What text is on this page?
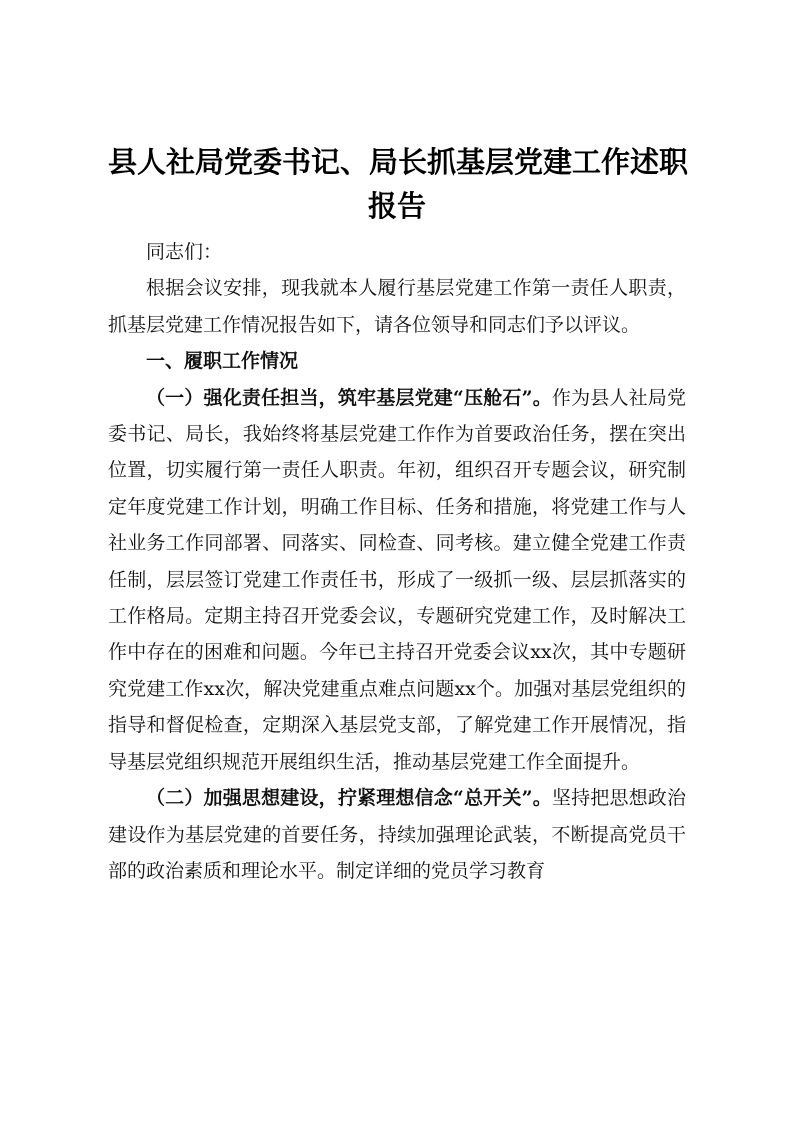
县人社局党委书记、局长抓基层党建工作述职
报告

同志们：

根据会议安排，现我就本人履行基层党建工作第一责任人职责，抓基层党建工作情况报告如下，请各位领导和同志们予以评议。

一、履职工作情况

（一）强化责任担当，筑牢基层党建“压舱石”。作为县人社局党委书记、局长，我始终将基层党建工作作为首要政治任务，摆在突出位置，切实履行第一责任人职责。年初，组织召开专题会议，研究制定年度党建工作计划，明确工作目标、任务和措施，将党建工作与人社业务工作同部署、同落实、同检查、同考核。建立健全党建工作责任制，层层签订党建工作责任书，形成了一级抓一级、层层抓落实的工作格局。定期主持召开党委会议，专题研究党建工作，及时解决工作中存在的困难和问题。今年已主持召开党委会议xx次，其中专题研究党建工作xx次，解决党建重点难点问题xx个。加强对基层党组织的指导和督促检查，定期深入基层党支部，了解党建工作开展情况，指导基层党组织规范开展组织生活，推动基层党建工作全面提升。

（二）加强思想建设，拧紧理想信念“总开关”。坚持把思想政治建设作为基层党建的首要任务，持续加强理论武装，不断提高党员干部的政治素质和理论水平。制定详细的党员学习教育
